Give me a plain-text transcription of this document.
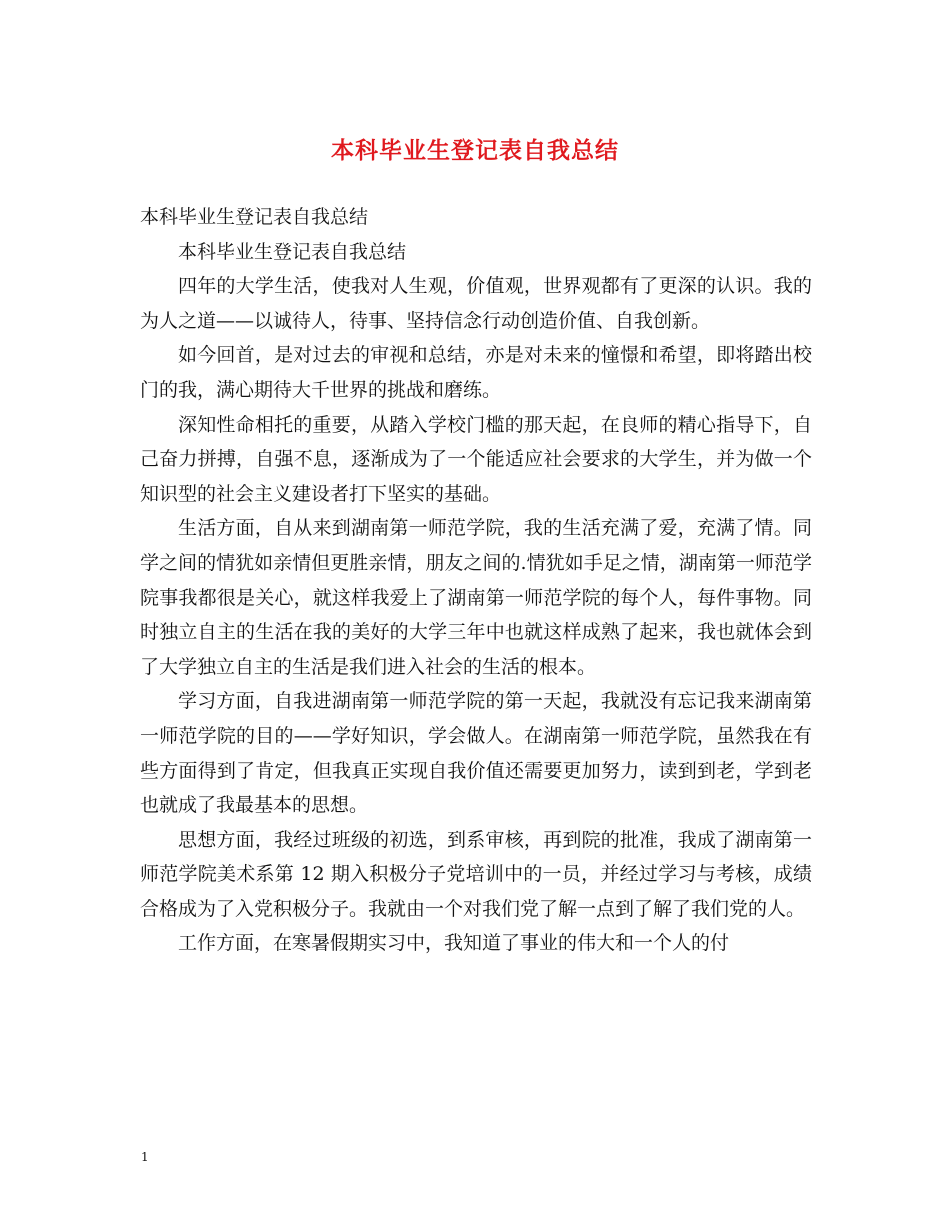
本科毕业生登记表自我总结

本科毕业生登记表自我总结

本科毕业生登记表自我总结

四年的大学生活，使我对人生观，价值观，世界观都有了更深的认识。我的为人之道——以诚待人，待事、坚持信念行动创造价值、自我创新。

如今回首，是对过去的审视和总结，亦是对未来的憧憬和希望，即将踏出校门的我，满心期待大千世界的挑战和磨练。

深知性命相托的重要，从踏入学校门槛的那天起，在良师的精心指导下，自己奋力拼搏，自强不息，逐渐成为了一个能适应社会要求的大学生，并为做一个知识型的社会主义建设者打下坚实的基础。

生活方面，自从来到湖南第一师范学院，我的生活充满了爱，充满了情。同学之间的情犹如亲情但更胜亲情，朋友之间的.情犹如手足之情，湖南第一师范学院事我都很是关心，就这样我爱上了湖南第一师范学院的每个人，每件事物。同时独立自主的生活在我的美好的大学三年中也就这样成熟了起来，我也就体会到了大学独立自主的生活是我们进入社会的生活的根本。

学习方面，自我进湖南第一师范学院的第一天起，我就没有忘记我来湖南第一师范学院的目的——学好知识，学会做人。在湖南第一师范学院，虽然我在有些方面得到了肯定，但我真正实现自我价值还需要更加努力，读到到老，学到老也就成了我最基本的思想。

思想方面，我经过班级的初选，到系审核，再到院的批准，我成了湖南第一师范学院美术系第 12 期入积极分子党培训中的一员，并经过学习与考核，成绩合格成为了入党积极分子。我就由一个对我们党了解一点到了解了我们党的人。

工作方面，在寒暑假期实习中，我知道了事业的伟大和一个人的付

1
